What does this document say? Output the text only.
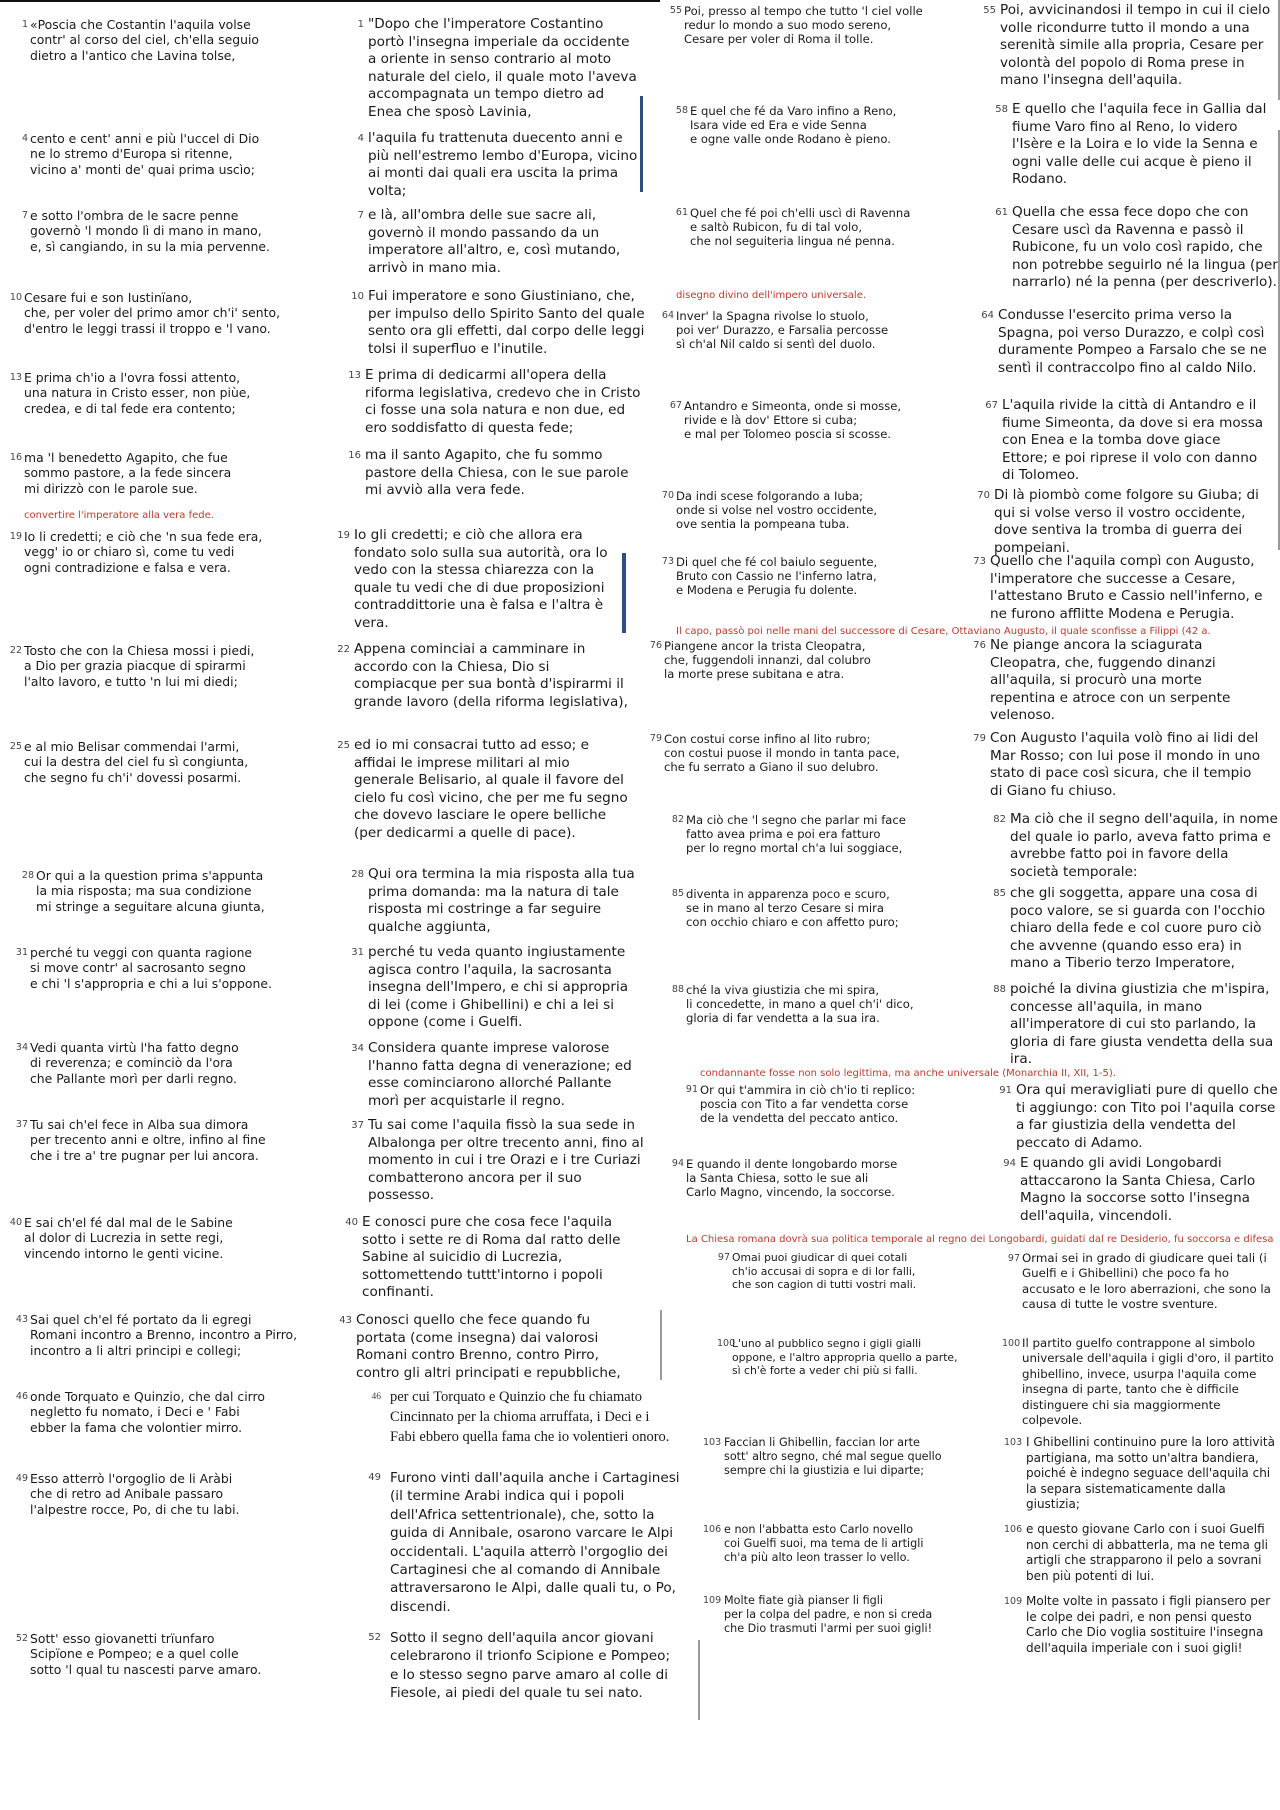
1 «Poscia che Costantin l'aquila volse
contr' al corso del ciel, ch'ella seguio
dietro a l'antico che Lavina tolse,
4 cento e cent' anni e più l'uccel di Dio
ne lo stremo d'Europa si ritenne,
vicino a' monti de' quai prima uscìo;
7 e sotto l'ombra de le sacre penne
governò 'l mondo lì di mano in mano,
e, sì cangiando, in su la mia pervenne.
10 Cesare fui e son Iustinïano,
che, per voler del primo amor ch'i' sento,
d'entro le leggi trassi il troppo e 'l vano.
13 E prima ch'io a l'ovra fossi attento,
una natura in Cristo esser, non piùe,
credea, e di tal fede era contento;
16 ma 'l benedetto Agapito, che fue
sommo pastore, a la fede sincera
mi dirizzò con le parole sue.
convertire l'imperatore alla vera fede.
19 Io li credetti; e ciò che 'n sua fede era,
vegg' io or chiaro sì, come tu vedi
ogni contradizione e falsa e vera.
22 Tosto che con la Chiesa mossi i piedi,
a Dio per grazia piacque di spirarmi
l'alto lavoro, e tutto 'n lui mi diedi;
25 e al mio Belisar commendai l'armi,
cui la destra del ciel fu sì congiunta,
che segno fu ch'i' dovessi posarmi.
28 Or qui a la question prima s'appunta
la mia risposta; ma sua condizione
mi stringe a seguitare alcuna giunta,
31 perché tu veggi con quanta ragione
si move contr' al sacrosanto segno
e chi 'l s'appropria e chi a lui s'oppone.
34 Vedi quanta virtù l'ha fatto degno
di reverenza; e cominciò da l'ora
che Pallante morì per darli regno.
37 Tu sai ch'el fece in Alba sua dimora
per trecento anni e oltre, infino al fine
che i tre a' tre pugnar per lui ancora.
40 E sai ch'el fé dal mal de le Sabine
al dolor di Lucrezia in sette regi,
vincendo intorno le genti vicine.
43 Sai quel ch'el fé portato da li egregi
Romani incontro a Brenno, incontro a Pirro,
incontro a li altri principi e collegi;
46 onde Torquato e Quinzio, che dal cirro
negletto fu nomato, i Deci e ' Fabi
ebber la fama che volontier mirro.
49 Esso atterrò l'orgoglio de li Aràbi
che di retro ad Anibale passaro
l'alpestre rocce, Po, di che tu labi.
52 Sott' esso giovanetti trïunfaro
Scipïone e Pompeo; e a quel colle
sotto 'l qual tu nascesti parve amaro.
1 "Dopo che l'imperatore Costantino portò l'insegna imperiale da occidente a oriente in senso contrario al moto naturale del cielo, il quale moto l'aveva accompagnata un tempo dietro ad Enea che sposò Lavinia,
4 l'aquila fu trattenuta duecento anni e più nell'estremo lembo d'Europa, vicino ai monti dai quali era uscita la prima volta;
7 e là, all'ombra delle sue sacre ali, governò il mondo passando da un imperatore all'altro, e, così mutando, arrivò in mano mia.
10 Fui imperatore e sono Giustiniano, che, per impulso dello Spirito Santo del quale sento ora gli effetti, dal corpo delle leggi tolsi il superfluo e l'inutile.
13 E prima di dedicarmi all'opera della riforma legislativa, credevo che in Cristo ci fosse una sola natura e non due, ed ero soddisfatto di questa fede;
16 ma il santo Agapito, che fu sommo pastore della Chiesa, con le sue parole mi avviò alla vera fede.
19 Io gli credetti; e ciò che allora era fondato solo sulla sua autorità, ora lo vedo con la stessa chiarezza con la quale tu vedi che di due proposizioni contraddittorie una è falsa e l'altra è vera.
22 Appena cominciai a camminare in accordo con la Chiesa, Dio si compiacque per sua bontà d'ispirarmi il grande lavoro (della riforma legislativa),
25 ed io mi consacrai tutto ad esso; e affidai le imprese militari al mio generale Belisario, al quale il favore del cielo fu così vicino, che per me fu segno che dovevo lasciare le opere belliche (per dedicarmi a quelle di pace).
28 Qui ora termina la mia risposta alla tua prima domanda: ma la natura di tale risposta mi costringe a far seguire qualche aggiunta,
31 perché tu veda quanto ingiustamente agisca contro l'aquila, la sacrosanta insegna dell'Impero, e chi si appropria di lei (come i Ghibellini) e chi a lei si oppone (come i Guelfi.
34 Considera quante imprese valorose l'hanno fatta degna di venerazione; ed esse cominciarono allorché Pallante morì per acquistarle il regno.
37 Tu sai come l'aquila fissò la sua sede in Albalonga per oltre trecento anni, fino al momento in cui i tre Orazi e i tre Curiazi combatterono ancora per il suo possesso.
40 E conosci pure che cosa fece l'aquila sotto i sette re di Roma dal ratto delle Sabine al suicidio di Lucrezia, sottomettendo tuttt'intorno i popoli confinanti.
43 Conosci quello che fece quando fu portata (come insegna) dai valorosi Romani contro Brenno, contro Pirro, contro gli altri principati e repubbliche,
46 per cui Torquato e Quinzio che fu chiamato Cincinnato per la chioma arruffata, i Deci e i Fabi ebbero quella fama che io volentieri onoro.
49 Furono vinti dall'aquila anche i Cartaginesi (il termine Arabi indica qui i popoli dell'Africa settentrionale), che, sotto la guida di Annibale, osarono varcare le Alpi occidentali. L'aquila atterrò l'orgoglio dei Cartaginesi che al comando di Annibale attraversarono le Alpi, dalle quali tu, o Po, discendi.
52 Sotto il segno dell'aquila ancor giovani celebrarono il trionfo Scipione e Pompeo; e lo stesso segno parve amaro al colle di Fiesole, ai piedi del quale tu sei nato.
55 Poi, presso al tempo che tutto 'l ciel volle
redur lo mondo a suo modo sereno,
Cesare per voler di Roma il tolle.
58 E quel che fé da Varo infino a Reno,
Isara vide ed Era e vide Senna
e ogne valle onde Rodano è pieno.
61 Quel che fé poi ch'elli uscì di Ravenna
e saltò Rubicon, fu di tal volo,
che nol seguiteria lingua né penna.
disegno divino dell'impero universale.
64 Inver' la Spagna rivolse lo stuolo,
poi ver' Durazzo, e Farsalia percosse
sì ch'al Nil caldo si sentì del duolo.
67 Antandro e Simeonta, onde si mosse,
rivide e là dov' Ettore si cuba;
e mal per Tolomeo poscia si scosse.
70 Da indi scese folgorando a Iuba;
onde si volse nel vostro occidente,
ove sentia la pompeana tuba.
73 Di quel che fé col baiulo seguente,
Bruto con Cassio ne l'inferno latra,
e Modena e Perugia fu dolente.
Il capo, passò poi nelle mani del successore di Cesare, Ottaviano Augusto, il quale sconfisse a Filippi (42 a.
76 Piangene ancor la trista Cleopatra,
che, fuggendoli innanzi, dal colubro
la morte prese subitana e atra.
79 Con costui corse infino al lito rubro;
con costui puose il mondo in tanta pace,
che fu serrato a Giano il suo delubro.
82 Ma ciò che 'l segno che parlar mi face
fatto avea prima e poi era fatturo
per lo regno mortal ch'a lui soggiace,
85 diventa in apparenza poco e scuro,
se in mano al terzo Cesare si mira
con occhio chiaro e con affetto puro;
88 ché la viva giustizia che mi spira,
li concedette, in mano a quel ch'i' dico,
gloria di far vendetta a la sua ira.
condannante fosse non solo legittima, ma anche universale (Monarchia II, XII, 1-5).
91 Or qui t'ammira in ciò ch'io ti replico:
poscia con Tito a far vendetta corse
de la vendetta del peccato antico.
94 E quando il dente longobardo morse
la Santa Chiesa, sotto le sue ali
Carlo Magno, vincendo, la soccorse.
La Chiesa romana dovrà sua politica temporale al regno dei Longobardi, guidati dal re Desiderio, fu soccorsa e difesa
97 Omai puoi giudicar di quei cotali
ch'io accusai di sopra e di lor falli,
che son cagion di tutti vostri mali.
100
L'uno al pubblico segno i gigli gialli
oppone, e l'altro appropria quello a parte,
sì ch'è forte a veder chi più si falli.
103 Faccian li Ghibellin, faccian lor arte
sott' altro segno, ché mal segue quello
sempre chi la giustizia e lui diparte;
106 e non l'abbatta esto Carlo novello
coi Guelfi suoi, ma tema de li artigli
ch'a più alto leon trasser lo vello.
109 Molte fiate già pianser li figli
per la colpa del padre, e non si creda
che Dio trasmuti l'armi per suoi gigli!
55 Poi, avvicinandosi il tempo in cui il cielo volle ricondurre tutto il mondo a una serenità simile alla propria, Cesare per volontà del popolo di Roma prese in mano l'insegna dell'aquila.
58 E quello che l'aquila fece in Gallia dal fiume Varo fino al Reno, lo videro l'Isère e la Loira e lo vide la Senna e ogni valle delle cui acque è pieno il Rodano.
61 Quella che essa fece dopo che con Cesare uscì da Ravenna e passò il Rubicone, fu un volo così rapido, che non potrebbe seguirlo né la lingua (per narrarlo) né la penna (per descriverlo).
64 Condusse l'esercito prima verso la Spagna, poi verso Durazzo, e colpì così duramente Pompeo a Farsalo che se ne sentì il contraccolpo fino al caldo Nilo.
67 L'aquila rivide la città di Antandro e il fiume Simeonta, da dove si era mossa con Enea e la tomba dove giace Ettore; e poi riprese il volo con danno di Tolomeo.
70 Di là piombò come folgore su Giuba; di qui si volse verso il vostro occidente, dove sentiva la tromba di guerra dei pompeiani.
73 Quello che l'aquila compì con Augusto, l'imperatore che successe a Cesare, l'attestano Bruto e Cassio nell'inferno, e ne furono afflitte Modena e Perugia.
76 Ne piange ancora la sciagurata Cleopatra, che, fuggendo dinanzi all'aquila, si procurò una morte repentina e atroce con un serpente velenoso.
79 Con Augusto l'aquila volò fino ai lidi del Mar Rosso; con lui pose il mondo in uno stato di pace così sicura, che il tempio di Giano fu chiuso.
82 Ma ciò che il segno dell'aquila, in nome del quale io parlo, aveva fatto prima e avrebbe fatto poi in favore della società temporale:
85 che gli soggetta, appare una cosa di poco valore, se si guarda con l'occhio chiaro della fede e col cuore puro ciò che avvenne (quando esso era) in mano a Tiberio terzo Imperatore,
88 poiché la divina giustizia che m'ispira, concesse all'aquila, in mano all'imperatore di cui sto parlando, la gloria di fare giusta vendetta della sua ira.
91 Ora qui meravigliati pure di quello che ti aggiungo: con Tito poi l'aquila corse a far giustizia della vendetta del peccato di Adamo.
94 E quando gli avidi Longobardi attaccarono la Santa Chiesa, Carlo Magno la soccorse sotto l'insegna dell'aquila, vincendoli.
97 Ormai sei in grado di giudicare quei tali (i Guelfi e i Ghibellini) che poco fa ho accusato e le loro aberrazioni, che sono la causa di tutte le vostre sventure.
100 Il partito guelfo contrappone al simbolo universale dell'aquila i gigli d'oro, il partito ghibellino, invece, usurpa l'aquila come insegna di parte, tanto che è difficile distinguere chi sia maggiormente colpevole.
103 I Ghibellini continuino pure la loro attività partigiana, ma sotto un'altra bandiera, poiché è indegno seguace dell'aquila chi la separa sistematicamente dalla giustizia;
106 e questo giovane Carlo con i suoi Guelfi non cerchi di abbatterla, ma ne tema gli artigli che strapparono il pelo a sovrani ben più potenti di lui.
109 Molte volte in passato i figli piansero per le colpe dei padri, e non pensi questo Carlo che Dio voglia sostituire l'insegna dell'aquila imperiale con i suoi gigli!
